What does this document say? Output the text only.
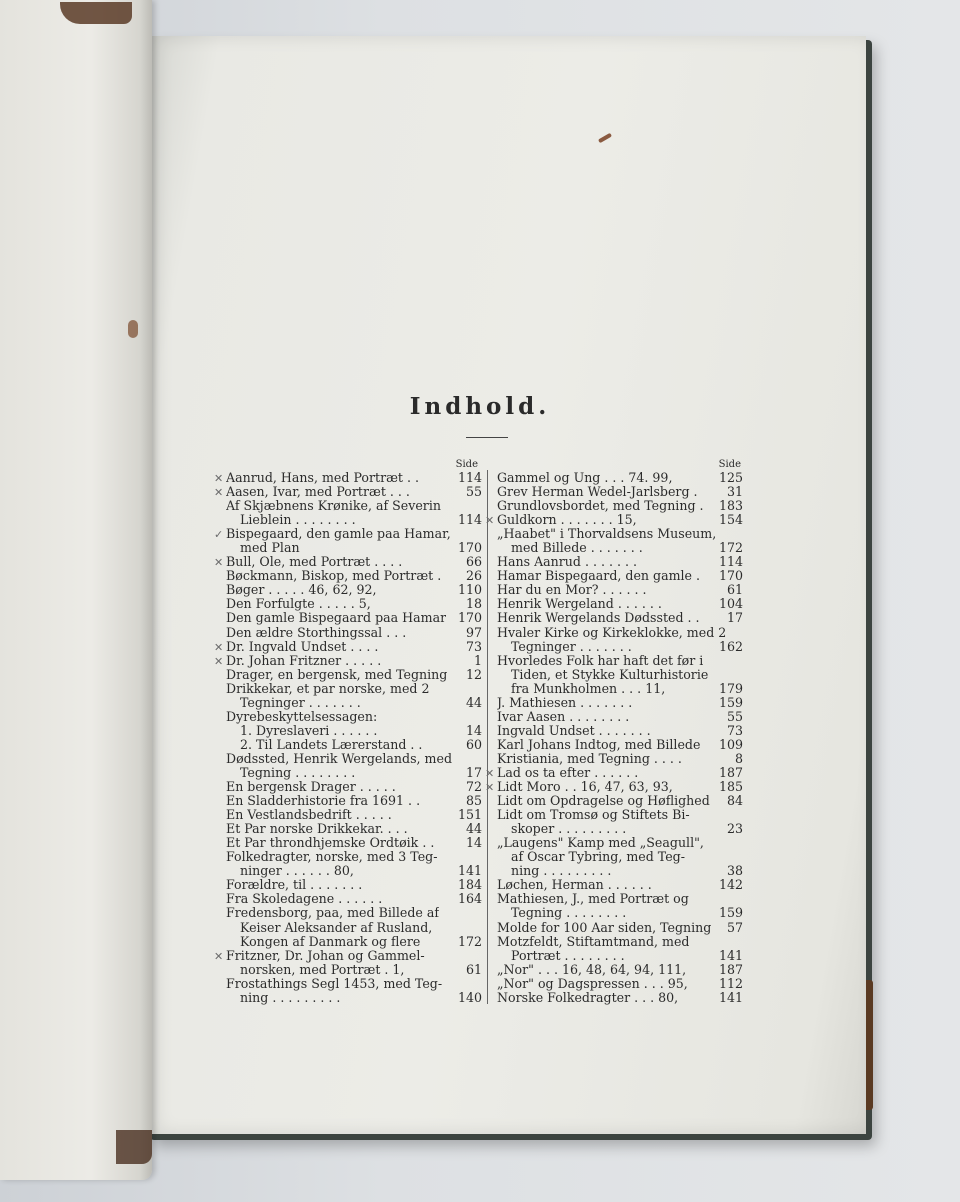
Indhold.
Side
✕ Aanrud, Hans, med Portræt . .	114
✕ Aasen, Ivar, med Portræt . . .	55
Af Skjæbnens Krønike, af Severin
Lieblein . . . . . . . .	114
✓ Bispegaard, den gamle paa Hamar,
med Plan	170
✕ Bull, Ole, med Portræt . . . .	66
Bøckmann, Biskop, med Portræt .	26
Bøger . . . . . 46, 62, 92,	110
Den Forfulgte . . . . . 5,	18
Den gamle Bispegaard paa Hamar 170
Den ældre Storthingssal . . .	97
✕ Dr. Ingvald Undset . . . .	73
✕ Dr. Johan Fritzner . . . . .	1
Drager, en bergensk, med Tegning	12
Drikkekar, et par norske, med 2
Tegninger . . . . . . .	44
Dyrebeskyttelsessagen:
1. Dyreslaveri . . . . . .	14
2. Til Landets Lærerstand . .	60
Dødssted, Henrik Wergelands, med
Tegning . . . . . . . .	17
En bergensk Drager . . . . .	72
En Sladderhistorie fra 1691 . .	85
En Vestlandsbedrift . . . . .	151
Et Par norske Drikkekar. . . .	44
Et Par throndhjemske Ordtøik . .	14
Folkedragter, norske, med 3 Teg-
ninger . . . . . . 80,	141
Forældre, til . . . . . . .	184
Fra Skoledagene . . . . . .	164
Fredensborg, paa, med Billede af
Keiser Aleksander af Rusland,
Kongen af Danmark og flere	172
✕ Fritzner, Dr. Johan og Gammel-
norsken, med Portræt . 1,	61
Frostathings Segl 1453, med Teg-
ning . . . . . . . . .	140
Side
Gammel og Ung . . . 74. 99,	125
Grev Herman Wedel-Jarlsberg .	31
Grundlovsbordet, med Tegning .	183
✕ Guldkorn . . . . . . . 15,	154
„Haabet" i Thorvaldsens Museum,
med Billede . . . . . . .	172
Hans Aanrud . . . . . . .	114
Hamar Bispegaard, den gamle .	170
Har du en Mor? . . . . . .	61
Henrik Wergeland . . . . . .	104
Henrik Wergelands Dødssted . .	17
Hvaler Kirke og Kirkeklokke, med 2
Tegninger . . . . . . .	162
Hvorledes Folk har haft det før i
Tiden, et Stykke Kulturhistorie
fra Munkholmen . . . 11,	179
J. Mathiesen . . . . . . .	159
Ivar Aasen . . . . . . . .	55
Ingvald Undset . . . . . . .	73
Karl Johans Indtog, med Billede	109
Kristiania, med Tegning . . . .	8
✕ Lad os ta efter . . . . . .	187
✕ Lidt Moro . . 16, 47, 63, 93,	185
Lidt om Opdragelse og Høflighed	84
Lidt om Tromsø og Stiftets Bi-
skoper . . . . . . . . .	23
„Laugens" Kamp med „Seagull",
af Oscar Tybring, med Teg-
ning . . . . . . . . .	38
Løchen, Herman . . . . . .	142
Mathiesen, J., med Portræt og
Tegning . . . . . . . .	159
Molde for 100 Aar siden, Tegning	57
Motzfeldt, Stiftamtmand, med
Portræt . . . . . . . .	141
„Nor" . . . 16, 48, 64, 94, 111,	187
„Nor" og Dagspressen . . . 95,	112
Norske Folkedragter . . . 80,	141
